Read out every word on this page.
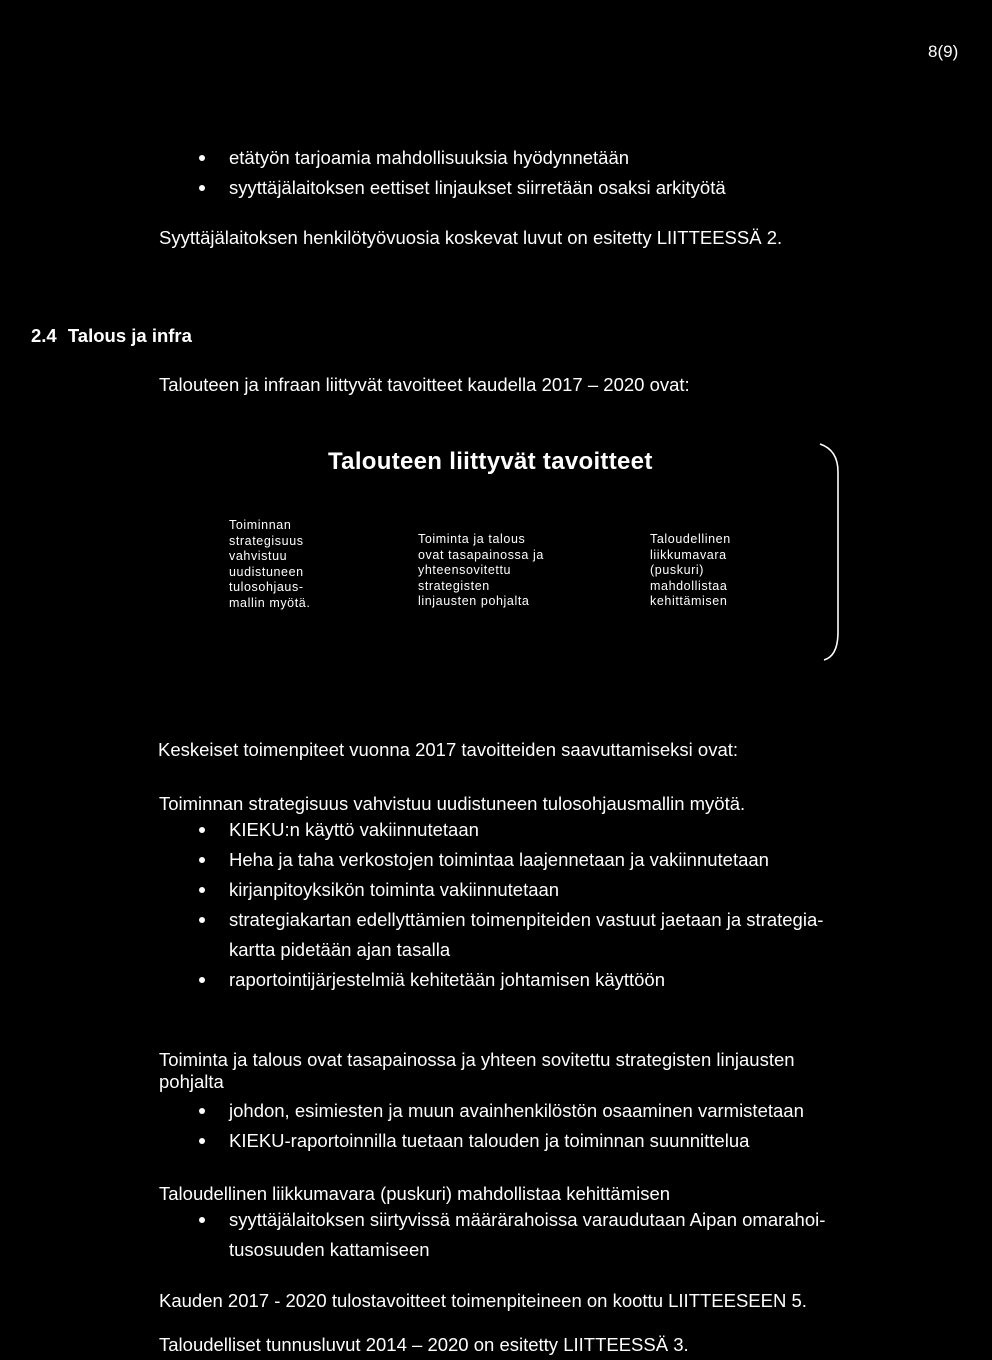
8(9)
etätyön tarjoamia mahdollisuuksia hyödynnetään
syyttäjälaitoksen eettiset linjaukset siirretään osaksi arkityötä
Syyttäjälaitoksen henkilötyövuosia koskevat luvut on esitetty LIITTEESSÄ 2.
2.4 Talous ja infra
Talouteen ja infraan liittyvät tavoitteet kaudella 2017 – 2020 ovat:
Talouteen liittyvät tavoitteet
Toiminnan
strategisuus
vahvistuu
uudistuneen
tulosohjaus-
mallin myötä.
Toiminta ja talous
ovat tasapainossa ja
yhteensovitettu
strategisten
linjausten pohjalta
Taloudellinen
liikkumavara
(puskuri)
mahdollistaa
kehittämisen
Keskeiset toimenpiteet vuonna 2017 tavoitteiden saavuttamiseksi ovat:
Toiminnan strategisuus vahvistuu uudistuneen tulosohjausmallin myötä.
KIEKU:n käyttö vakiinnutetaan
Heha ja taha verkostojen toimintaa laajennetaan ja vakiinnutetaan
kirjanpitoyksikön toiminta vakiinnutetaan
strategiakartan edellyttämien toimenpiteiden vastuut jaetaan ja strategia-
kartta pidetään ajan tasalla
raportointijärjestelmiä kehitetään johtamisen käyttöön
Toiminta ja talous ovat tasapainossa ja yhteen sovitettu strategisten linjausten
pohjalta
johdon, esimiesten ja muun avainhenkilöstön osaaminen varmistetaan
KIEKU-raportoinnilla tuetaan talouden ja toiminnan suunnittelua
Taloudellinen liikkumavara (puskuri) mahdollistaa kehittämisen
syyttäjälaitoksen siirtyvissä määrärahoissa varaudutaan Aipan omarahoi-
tusosuuden kattamiseen
Kauden 2017 - 2020 tulostavoitteet toimenpiteineen on koottu LIITTEESEEN 5.
Taloudelliset tunnusluvut 2014 – 2020 on esitetty LIITTEESSÄ 3.
